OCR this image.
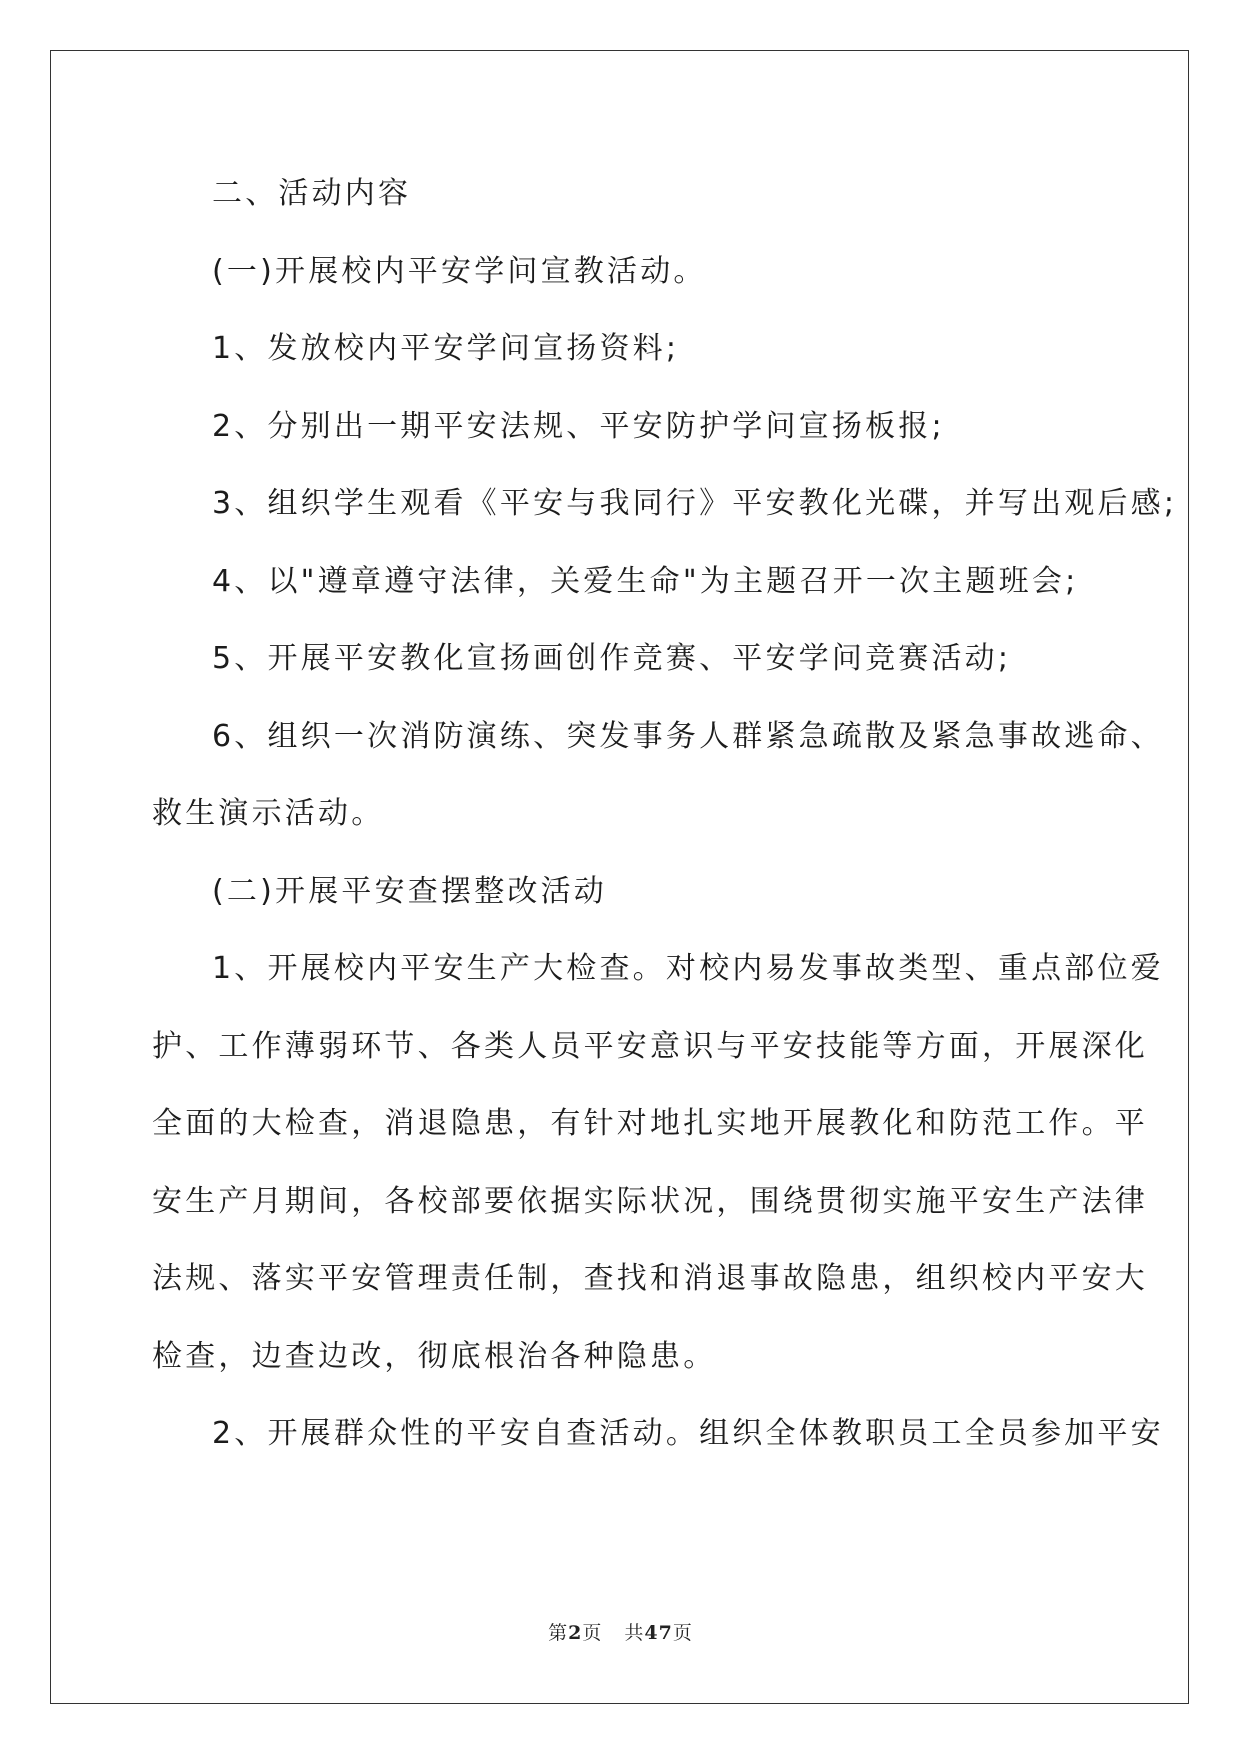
二、活动内容
(一)开展校内平安学问宣教活动。
1、发放校内平安学问宣扬资料;
2、分别出一期平安法规、平安防护学问宣扬板报;
3、组织学生观看《平安与我同行》平安教化光碟，并写出观后感;
4、以"遵章遵守法律，关爱生命"为主题召开一次主题班会;
5、开展平安教化宣扬画创作竞赛、平安学问竞赛活动;
6、组织一次消防演练、突发事务人群紧急疏散及紧急事故逃命、
救生演示活动。
(二)开展平安查摆整改活动
1、开展校内平安生产大检查。对校内易发事故类型、重点部位爱
护、工作薄弱环节、各类人员平安意识与平安技能等方面，开展深化
全面的大检查，消退隐患，有针对地扎实地开展教化和防范工作。平
安生产月期间，各校部要依据实际状况，围绕贯彻实施平安生产法律
法规、落实平安管理责任制，查找和消退事故隐患，组织校内平安大
检查，边查边改，彻底根治各种隐患。
2、开展群众性的平安自查活动。组织全体教职员工全员参加平安
第2页 共47页
